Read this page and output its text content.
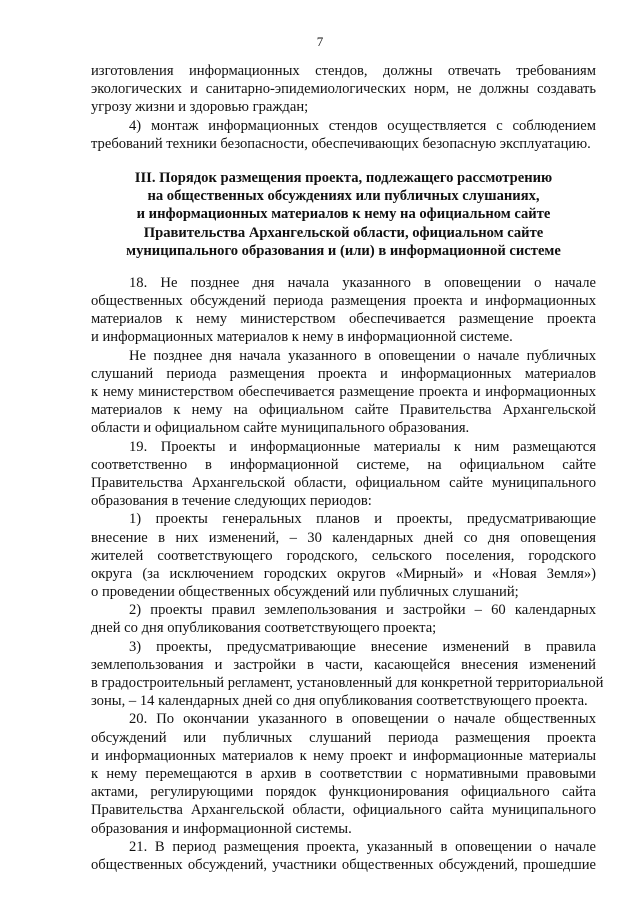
7
изготовления информационных стендов, должны отвечать требованиям
экологических и санитарно-эпидемиологических норм, не должны создавать
угрозу жизни и здоровью граждан;
4) монтаж информационных стендов осуществляется с соблюдением
требований техники безопасности, обеспечивающих безопасную эксплуатацию.
III. Порядок размещения проекта, подлежащего рассмотрению
на общественных обсуждениях или публичных слушаниях,
и информационных материалов к нему на официальном сайте
Правительства Архангельской области, официальном сайте
муниципального образования и (или) в информационной системе
18. Не позднее дня начала указанного в оповещении о начале
общественных обсуждений периода размещения проекта и информационных
материалов к нему министерством обеспечивается размещение проекта
и информационных материалов к нему в информационной системе.
Не позднее дня начала указанного в оповещении о начале публичных
слушаний периода размещения проекта и информационных материалов
к нему министерством обеспечивается размещение проекта и информационных
материалов к нему на официальном сайте Правительства Архангельской
области и официальном сайте муниципального образования.
19. Проекты и информационные материалы к ним размещаются
соответственно в информационной системе, на официальном сайте
Правительства Архангельской области, официальном сайте муниципального
образования в течение следующих периодов:
1) проекты генеральных планов и проекты, предусматривающие
внесение в них изменений, – 30 календарных дней со дня оповещения
жителей соответствующего городского, сельского поселения, городского
округа (за исключением городских округов «Мирный» и «Новая Земля»)
о проведении общественных обсуждений или публичных слушаний;
2) проекты правил землепользования и застройки – 60 календарных
дней со дня опубликования соответствующего проекта;
3) проекты, предусматривающие внесение изменений в правила
землепользования и застройки в части, касающейся внесения изменений
в градостроительный регламент, установленный для конкретной территориальной
зоны, – 14 календарных дней со дня опубликования соответствующего проекта.
20. По окончании указанного в оповещении о начале общественных
обсуждений или публичных слушаний периода размещения проекта
и информационных материалов к нему проект и информационные материалы
к нему перемещаются в архив в соответствии с нормативными правовыми
актами, регулирующими порядок функционирования официального сайта
Правительства Архангельской области, официального сайта муниципального
образования и информационной системы.
21. В период размещения проекта, указанный в оповещении о начале
общественных обсуждений, участники общественных обсуждений, прошедшие
